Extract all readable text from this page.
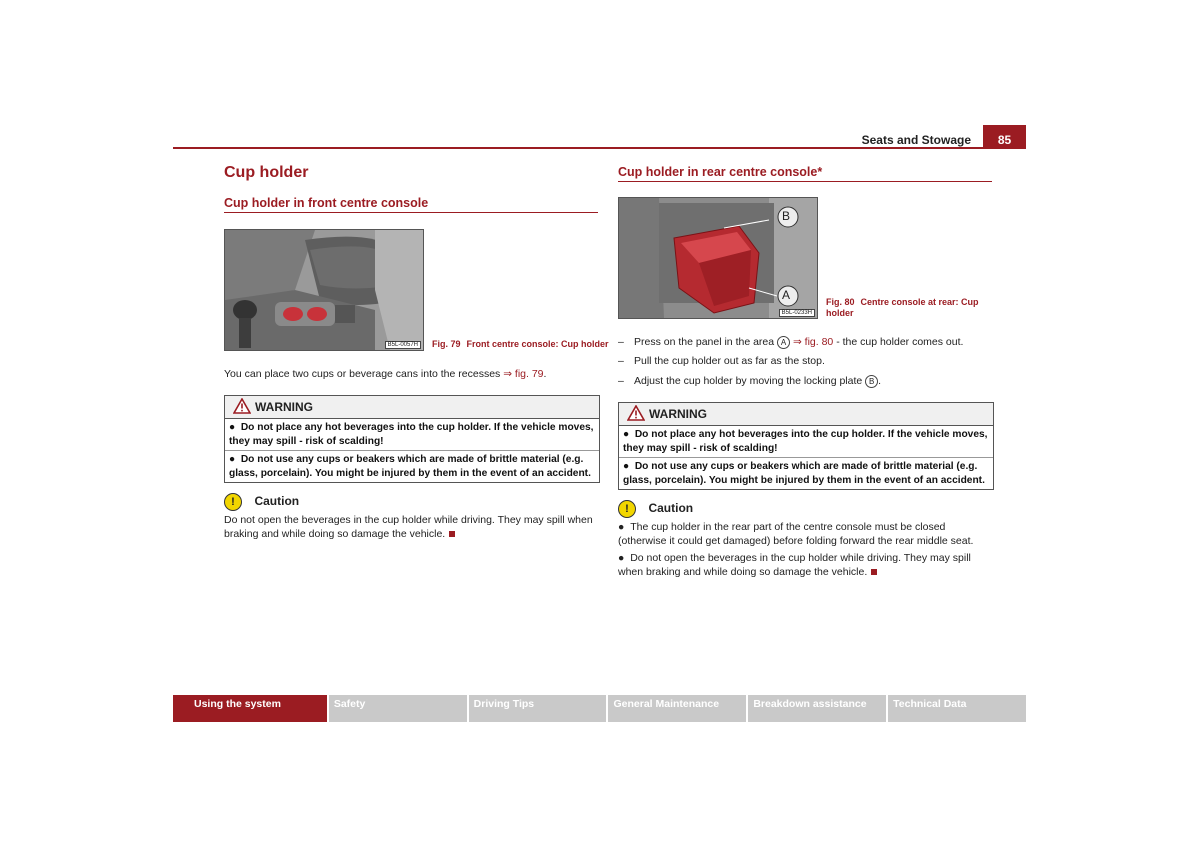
Seats and Stowage	85
Cup holder
Cup holder in front centre console
B5L-0057H	Fig. 79 Front centre console: Cup holder
You can place two cups or beverage cans into the recesses ⇒ fig. 79.
WARNING
●  Do not place any hot beverages into the cup holder. If the vehicle moves, they may spill - risk of scalding!
●  Do not use any cups or beakers which are made of brittle material (e.g. glass, porcelain). You might be injured by them in the event of an accident.
! Caution
Do not open the beverages in the cup holder while driving. They may spill when braking and while doing so damage the vehicle.
Cup holder in rear centre console*
B
A
B5L-0233H
Fig. 80 Centre console at rear: Cup holder
– Press on the panel in the area A ⇒ fig. 80 - the cup holder comes out.
– Pull the cup holder out as far as the stop.
– Adjust the cup holder by moving the locking plate B .
WARNING
●  Do not place any hot beverages into the cup holder. If the vehicle moves, they may spill - risk of scalding!
●  Do not use any cups or beakers which are made of brittle material (e.g. glass, porcelain). You might be injured by them in the event of an accident.
! Caution
●  The cup holder in the rear part of the centre console must be closed (otherwise it could get damaged) before folding forward the rear middle seat.
●  Do not open the beverages in the cup holder while driving. They may spill when braking and while doing so damage the vehicle.
Using the system	Safety	Driving Tips	General Maintenance	Breakdown assistance	Technical Data
